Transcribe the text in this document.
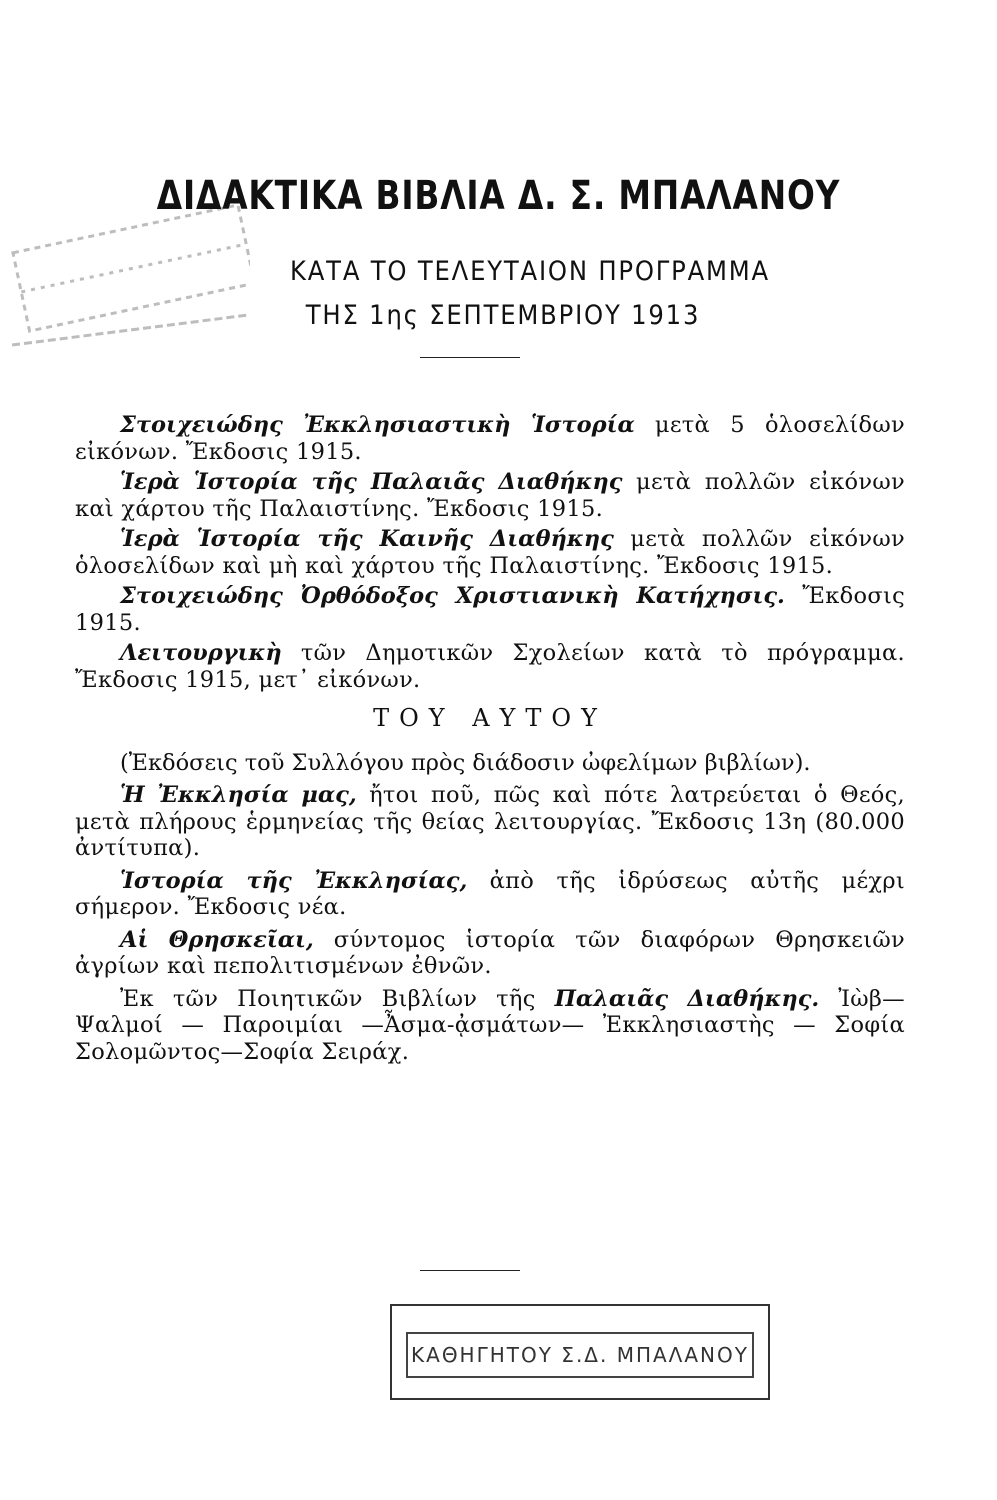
ΔΙΔΑΚΤΙΚΑ ΒΙΒΛΙΑ Δ. Σ. ΜΠΑΛΑΝΟΥ
ΚΑΤΑ ΤΟ ΤΕΛΕΥΤΑΙΟΝ ΠΡΟΓΡΑΜΜΑ
ΤΗΣ 1ης ΣΕΠΤΕΜΒΡΙΟΥ 1913

Στοιχειώδης Ἐκκλησιαστικὴ Ἱστορία μετὰ 5 ὁλοσελίδων εἰκόνων. Ἔκδοσις 1915.

Ἱερὰ Ἱστορία τῆς Παλαιᾶς Διαθήκης μετὰ πολλῶν εἰκόνων καὶ χάρτου τῆς Παλαιστίνης. Ἔκδοσις 1915.

Ἱερὰ Ἱστορία τῆς Καινῆς Διαθήκης μετὰ πολλῶν εἰκόνων ὁλοσελίδων καὶ μὴ καὶ χάρτου τῆς Παλαιστίνης. Ἔκδοσις 1915.

Στοιχειώδης Ὀρθόδοξος Χριστιανικὴ Κατήχησις. Ἔκδοσις 1915.

Λειτουργικὴ τῶν Δημοτικῶν Σχολείων κατὰ τὸ πρόγραμμα. Ἔκδοσις 1915, μετ᾽ εἰκόνων.

ΤΟΥ ΑΥΤΟΥ

(Ἐκδόσεις τοῦ Συλλόγου πρὸς διάδοσιν ὠφελίμων βιβλίων).

Ἡ Ἐκκλησία μας, ἤτοι ποῦ, πῶς καὶ πότε λατρεύεται ὁ Θεός, μετὰ πλήρους ἑρμηνείας τῆς θείας λειτουργίας. Ἔκδοσις 13η (80.000 ἀντίτυπα).

Ἱστορία τῆς Ἐκκλησίας, ἀπὸ τῆς ἱδρύσεως αὐτῆς μέχρι σήμερον. Ἔκδοσις νέα.

Αἱ Θρησκεῖαι, σύντομος ἱστορία τῶν διαφόρων Θρησκειῶν ἀγρίων καὶ πεπολιτισμένων ἐθνῶν.

Ἐκ τῶν Ποιητικῶν Βιβλίων τῆς Παλαιᾶς Διαθήκης. Ἰὼβ— Ψαλμοί — Παροιμίαι —Ἆσμα-ᾀσμάτων— Ἐκκλησιαστὴς — Σοφία Σολομῶντος—Σοφία Σειράχ.

ΚΑΘΗΓΗΤΟΥ Σ.Δ. ΜΠΑΛΑΝΟΥ
